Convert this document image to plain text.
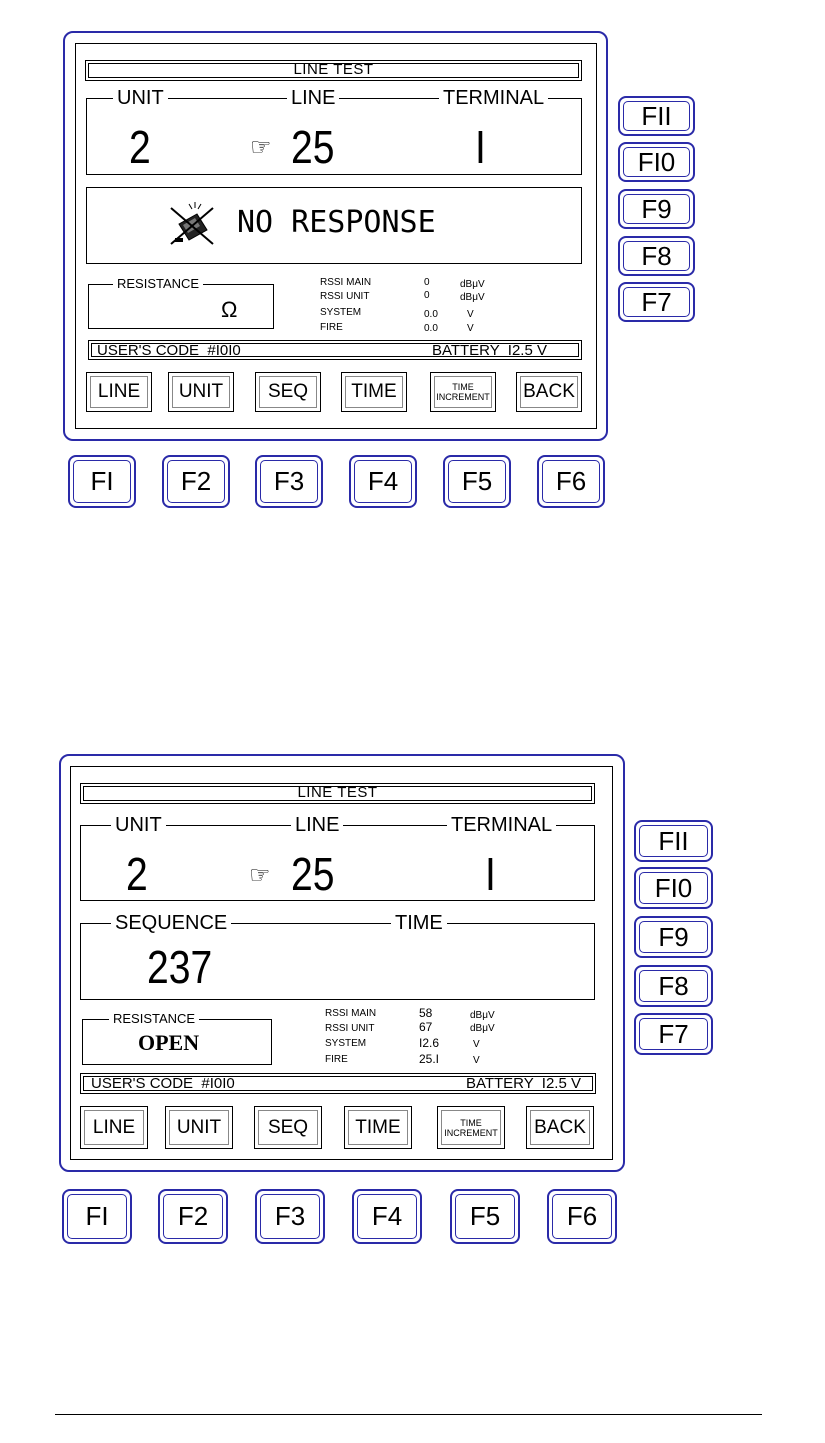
LINE TEST
UNIT	LINE	TERMINAL
2	☞ 25	I
NO RESPONSE
RESISTANCE
Ω
RSSI MAIN	0	dBμV
RSSI UNIT	0	dBμV
SYSTEM	0.0	V
FIRE	0.0	V
USER'S CODE  #I0I0	BATTERY  I2.5 V
LINE UNIT SEQ TIME	TIME
INCREMENT BACK
FI	F2 F3 F4 F5 F6
FII
FI0
F9
F8
F7
LINE TEST
UNIT	LINE	TERMINAL
2	☞ 25	I
SEQUENCE	TIME
237
RESISTANCE
OPEN
RSSI MAIN	58	dBμV
RSSI UNIT	67	dBμV
SYSTEM	I2.6	V
FIRE	25.I	V
USER'S CODE  #I0I0	BATTERY  I2.5 V
LINE UNIT SEQ TIME	TIME
INCREMENT BACK
FI	F2	F3	F4	F5	F6
FII
FI0
F9
F8
F7
